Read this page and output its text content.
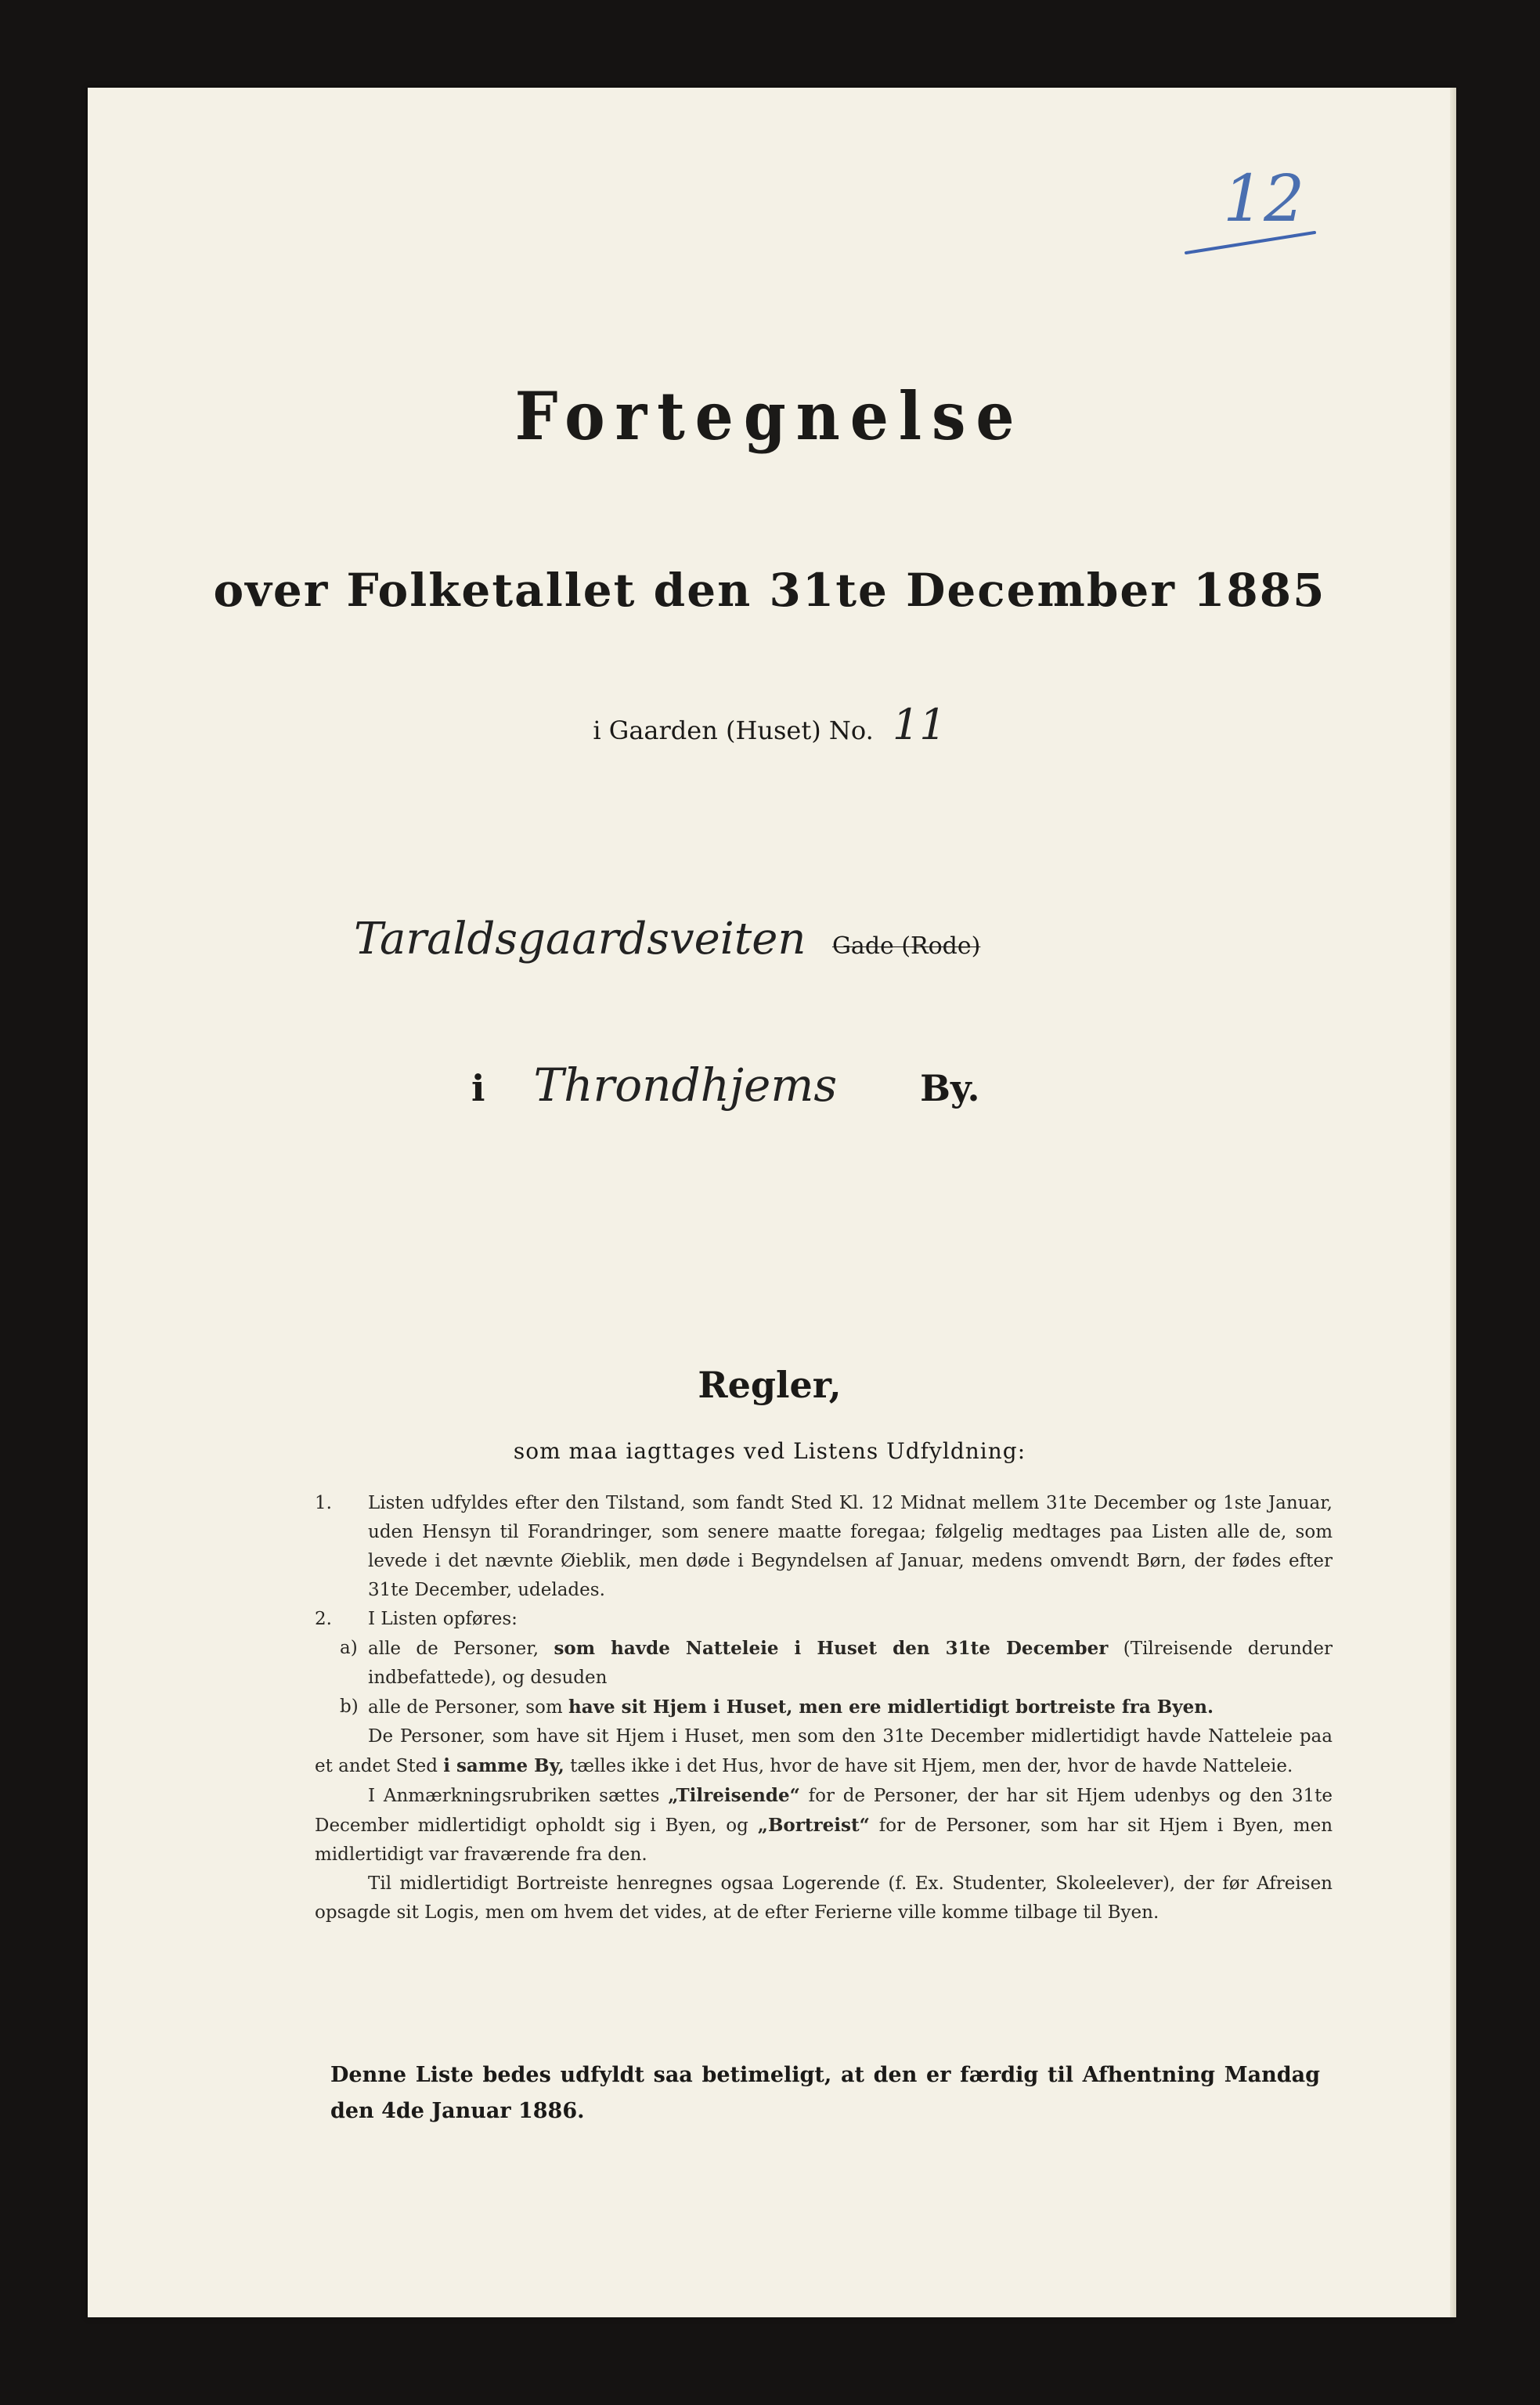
12
Fortegnelse
over Folketallet den 31te December 1885
i Gaarden (Huset) No. 11
Taraldsgaardsveiten Gade (Rode)
i Throndhjems By.
Regler,
som maa iagttages ved Listens Udfyldning:
1. Listen udfyldes efter den Tilstand, som fandt Sted Kl. 12 Midnat mellem 31te December og 1ste Januar, uden Hensyn til Forandringer, som senere maatte foregaa; følgelig medtages paa Listen alle de, som levede i det nævnte Øieblik, men døde i Begyndelsen af Januar, medens omvendt Børn, der fødes efter 31te December, udelades.
2. I Listen opføres:
a) alle de Personer, som havde Natteleie i Huset den 31te December (Tilreisende derunder indbefattede), og desuden
b) alle de Personer, som have sit Hjem i Huset, men ere midlertidigt bortreiste fra Byen.
De Personer, som have sit Hjem i Huset, men som den 31te December midlertidigt havde Natteleie paa et andet Sted i samme By, tælles ikke i det Hus, hvor de have sit Hjem, men der, hvor de havde Natteleie.
I Anmærkningsrubriken sættes „Tilreisende“ for de Personer, der har sit Hjem udenbys og den 31te December midlertidigt opholdt sig i Byen, og „Bortreist“ for de Personer, som har sit Hjem i Byen, men midlertidigt var fraværende fra den.
Til midlertidigt Bortreiste henregnes ogsaa Logerende (f. Ex. Studenter, Skoleelever), der før Afreisen opsagde sit Logis, men om hvem det vides, at de efter Ferierne ville komme tilbage til Byen.
Denne Liste bedes udfyldt saa betimeligt, at den er færdig til Afhentning Mandag den 4de Januar 1886.
